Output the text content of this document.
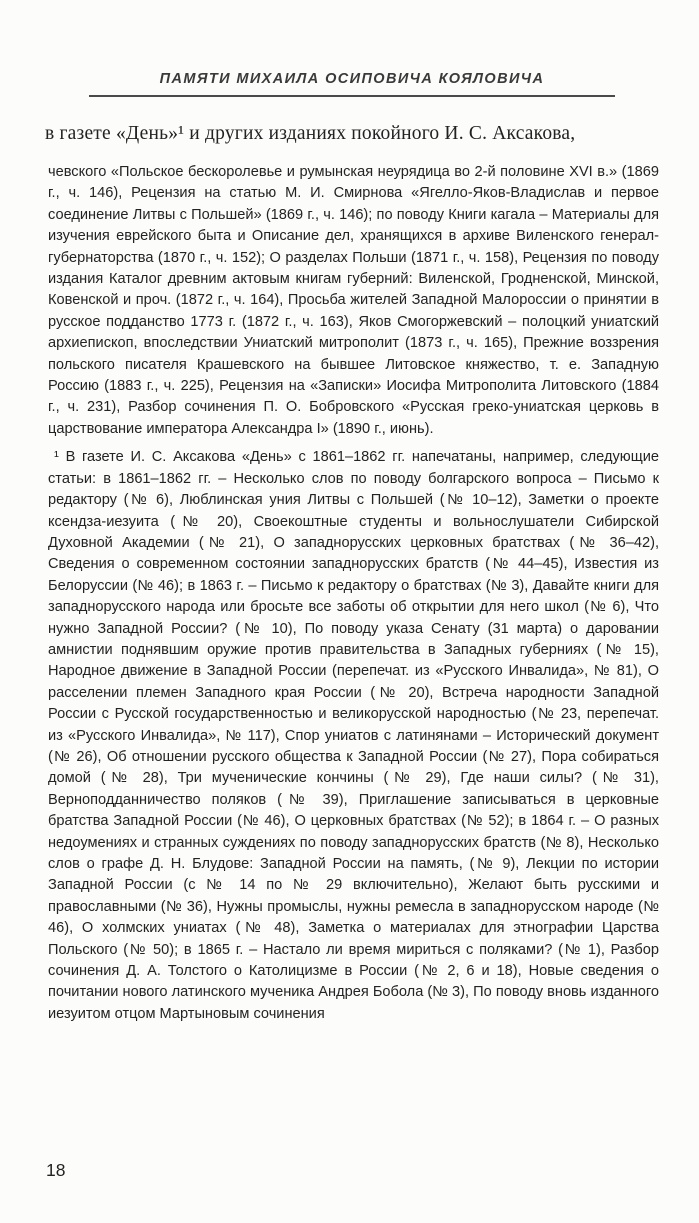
ПАМЯТИ МИХАИЛА ОСИПОВИЧА КОЯЛОВИЧА

в газете «День»¹ и других изданиях покойного И. С. Аксакова,

чевского «Польское бескоролевье и румынская неурядица во 2-й половине XVI в.» (1869 г., ч. 146), Рецензия на статью М. И. Смирнова «Ягелло-Яков-Владислав и первое соединение Литвы с Польшей» (1869 г., ч. 146); по поводу Книги кагала – Материалы для изучения еврейского быта и Описание дел, хранящихся в архиве Виленского генерал-губернаторства (1870 г., ч. 152); О разделах Польши (1871 г., ч. 158), Рецензия по поводу издания Каталог древним актовым книгам губерний: Виленской, Гродненской, Минской, Ковенской и проч. (1872 г., ч. 164), Просьба жителей Западной Малороссии о принятии в русское подданство 1773 г. (1872 г., ч. 163), Яков Смогоржевский – полоцкий униатский архиепископ, впоследствии Униатский митрополит (1873 г., ч. 165), Прежние воззрения польского писателя Крашевского на бывшее Литовское княжество, т. е. Западную Россию (1883 г., ч. 225), Рецензия на «Записки» Иосифа Митрополита Литовского (1884 г., ч. 231), Разбор сочинения П. О. Бобровского «Русская греко-униатская церковь в царствование императора Александра I» (1890 г., июнь).

¹ В газете И. С. Аксакова «День» с 1861–1862 гг. напечатаны, например, следующие статьи: в 1861–1862 гг. – Несколько слов по поводу болгарского вопроса – Письмо к редактору (№ 6), Люблинская уния Литвы с Польшей (№ 10–12), Заметки о проекте ксендза-иезуита (№ 20), Своекоштные студенты и вольнослушатели Сибирской Духовной Академии (№ 21), О западнорусских церковных братствах (№ 36–42), Сведения о современном состоянии западнорусских братств (№ 44–45), Известия из Белоруссии (№ 46); в 1863 г. – Письмо к редактору о братствах (№ 3), Давайте книги для западнорусского народа или бросьте все заботы об открытии для него школ (№ 6), Что нужно Западной России? (№ 10), По поводу указа Сенату (31 марта) о даровании амнистии поднявшим оружие против правительства в Западных губерниях (№ 15), Народное движение в Западной России (перепечат. из «Русского Инвалида», № 81), О расселении племен Западного края России (№ 20), Встреча народности Западной России с Русской государственностью и великорусской народностью (№ 23, перепечат. из «Русского Инвалида», № 117), Спор униатов с латинянами – Исторический документ (№ 26), Об отношении русского общества к Западной России (№ 27), Пора собираться домой (№ 28), Три мученические кончины (№ 29), Где наши силы? (№ 31), Верноподданничество поляков (№ 39), Приглашение записываться в церковные братства Западной России (№ 46), О церковных братствах (№ 52); в 1864 г. – О разных недоумениях и странных суждениях по поводу западнорусских братств (№ 8), Несколько слов о графе Д. Н. Блудове: Западной России на память, (№ 9), Лекции по истории Западной России (с № 14 по № 29 включительно), Желают быть русскими и православными (№ 36), Нужны промыслы, нужны ремесла в западнорусском народе (№ 46), О холмских униатах (№ 48), Заметка о материалах для этнографии Царства Польского (№ 50); в 1865 г. – Настало ли время мириться с поляками? (№ 1), Разбор сочинения Д. А. Толстого о Католицизме в России (№ 2, 6 и 18), Новые сведения о почитании нового латинского мученика Андрея Бобола (№ 3), По поводу вновь изданного иезуитом отцом Мартыновым сочинения

18
